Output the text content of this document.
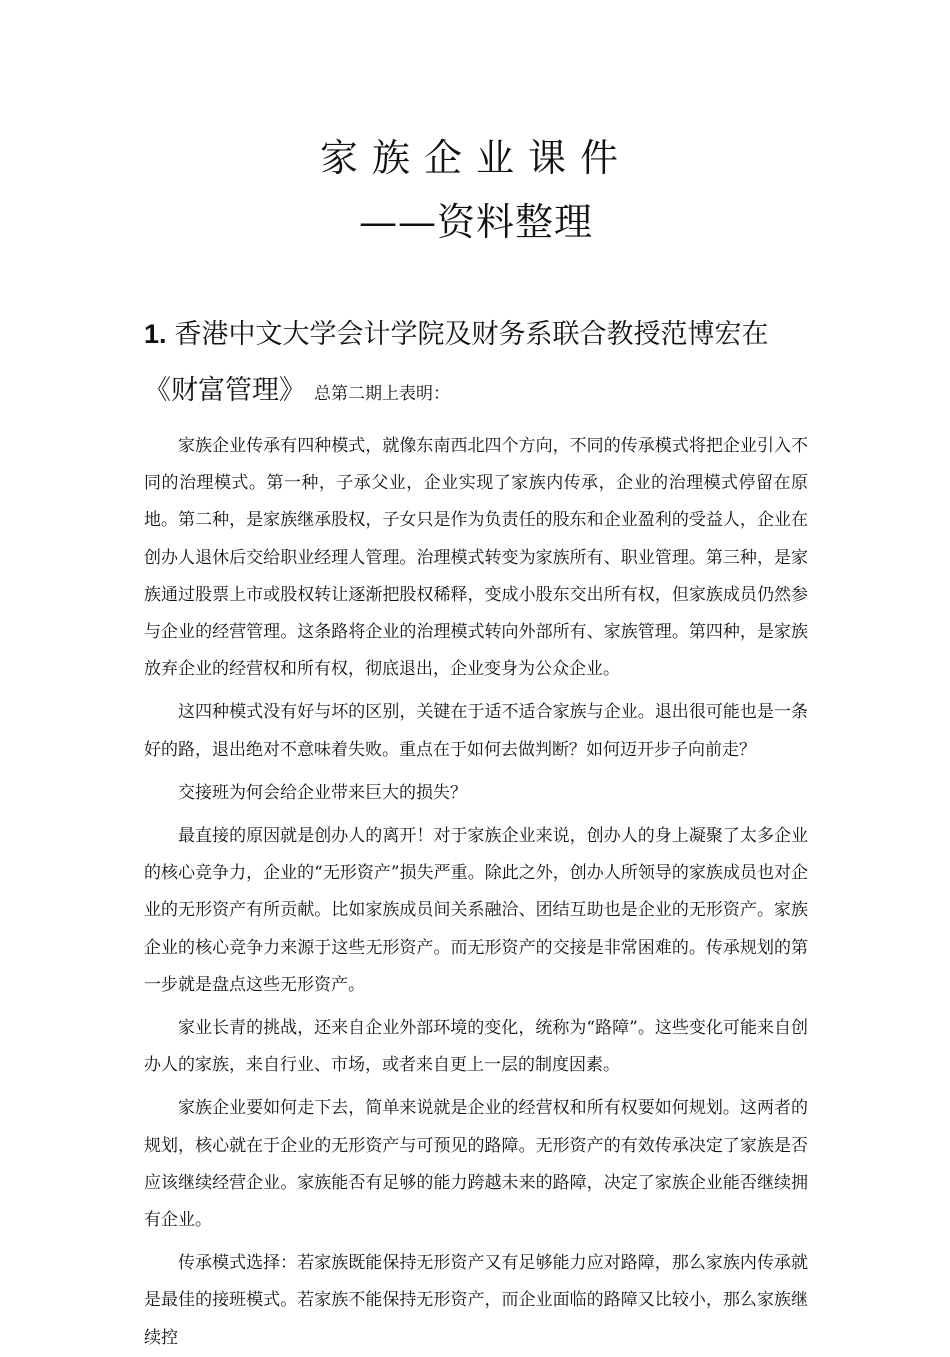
家族企业课件
——资料整理
1. 香港中文大学会计学院及财务系联合教授范博宏在《财富管理》 总第二期上表明：

家族企业传承有四种模式，就像东南西北四个方向，不同的传承模式将把企业引入不同的治理模式。第一种，子承父业，企业实现了家族内传承，企业的治理模式停留在原地。第二种，是家族继承股权，子女只是作为负责任的股东和企业盈利的受益人，企业在创办人退休后交给职业经理人管理。治理模式转变为家族所有、职业管理。第三种，是家族通过股票上市或股权转让逐渐把股权稀释，变成小股东交出所有权，但家族成员仍然参与企业的经营管理。这条路将企业的治理模式转向外部所有、家族管理。第四种，是家族放弃企业的经营权和所有权，彻底退出，企业变身为公众企业。

这四种模式没有好与坏的区别，关键在于适不适合家族与企业。退出很可能也是一条好的路，退出绝对不意味着失败。重点在于如何去做判断？如何迈开步子向前走？

交接班为何会给企业带来巨大的损失？

最直接的原因就是创办人的离开！对于家族企业来说，创办人的身上凝聚了太多企业的核心竞争力，企业的“无形资产”损失严重。除此之外，创办人所领导的家族成员也对企业的无形资产有所贡献。比如家族成员间关系融洽、团结互助也是企业的无形资产。家族企业的核心竞争力来源于这些无形资产。而无形资产的交接是非常困难的。传承规划的第一步就是盘点这些无形资产。

家业长青的挑战，还来自企业外部环境的变化，统称为“路障”。这些变化可能来自创办人的家族，来自行业、市场，或者来自更上一层的制度因素。

家族企业要如何走下去，简单来说就是企业的经营权和所有权要如何规划。这两者的规划，核心就在于企业的无形资产与可预见的路障。无形资产的有效传承决定了家族是否应该继续经营企业。家族能否有足够的能力跨越未来的路障，决定了家族企业能否继续拥有企业。

传承模式选择：若家族既能保持无形资产又有足够能力应对路障，那么家族内传承就是最佳的接班模式。若家族不能保持无形资产，而企业面临的路障又比较小，那么家族继续控
